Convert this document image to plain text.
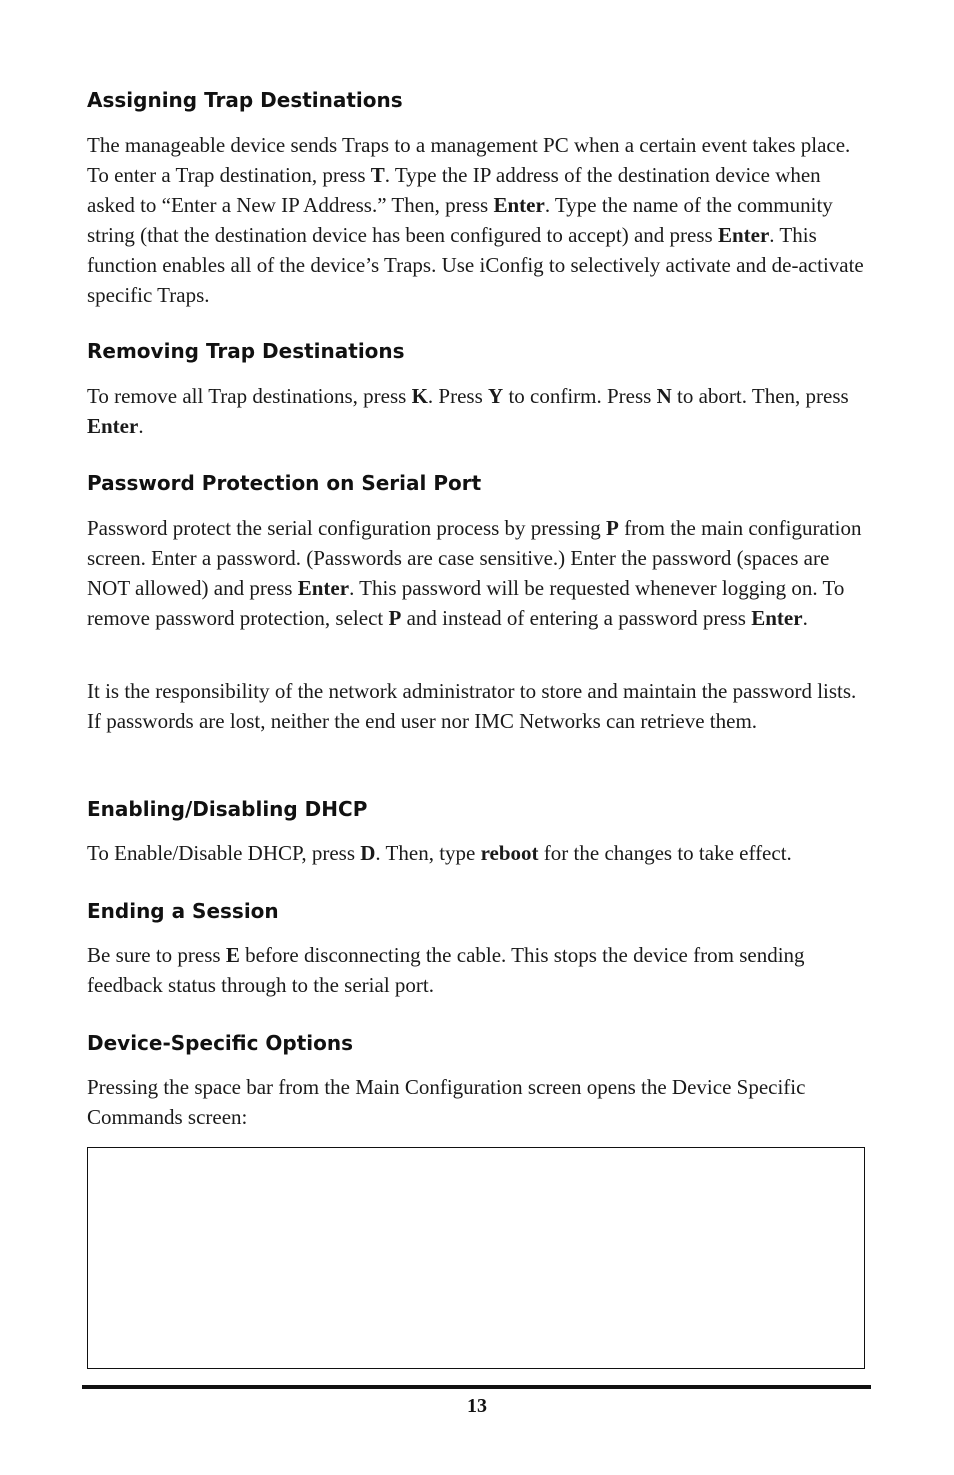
Assigning Trap Destinations

The manageable device sends Traps to a management PC when a certain event takes place. To enter a Trap destination, press T. Type the IP address of the destination device when asked to “Enter a New IP Address.” Then, press Enter. Type the name of the community string (that the destination device has been configured to accept) and press Enter. This function enables all of the device’s Traps. Use iConfig to selectively activate and de-activate specific Traps.

Removing Trap Destinations

To remove all Trap destinations, press K. Press Y to confirm. Press N to abort. Then, press Enter.

Password Protection on Serial Port

Password protect the serial configuration process by pressing P from the main configuration screen. Enter a password. (Passwords are case sensitive.) Enter the password (spaces are NOT allowed) and press Enter. This password will be requested whenever logging on. To remove password protection, select P and instead of entering a password press Enter.

It is the responsibility of the network administrator to store and maintain the password lists. If passwords are lost, neither the end user nor IMC Networks can retrieve them.

Enabling/Disabling DHCP

To Enable/Disable DHCP, press D. Then, type reboot for the changes to take effect.

Ending a Session

Be sure to press E before disconnecting the cable. This stops the device from sending feedback status through to the serial port.

Device-Specific Options

Pressing the space bar from the Main Configuration screen opens the Device Specific Commands screen:

13
